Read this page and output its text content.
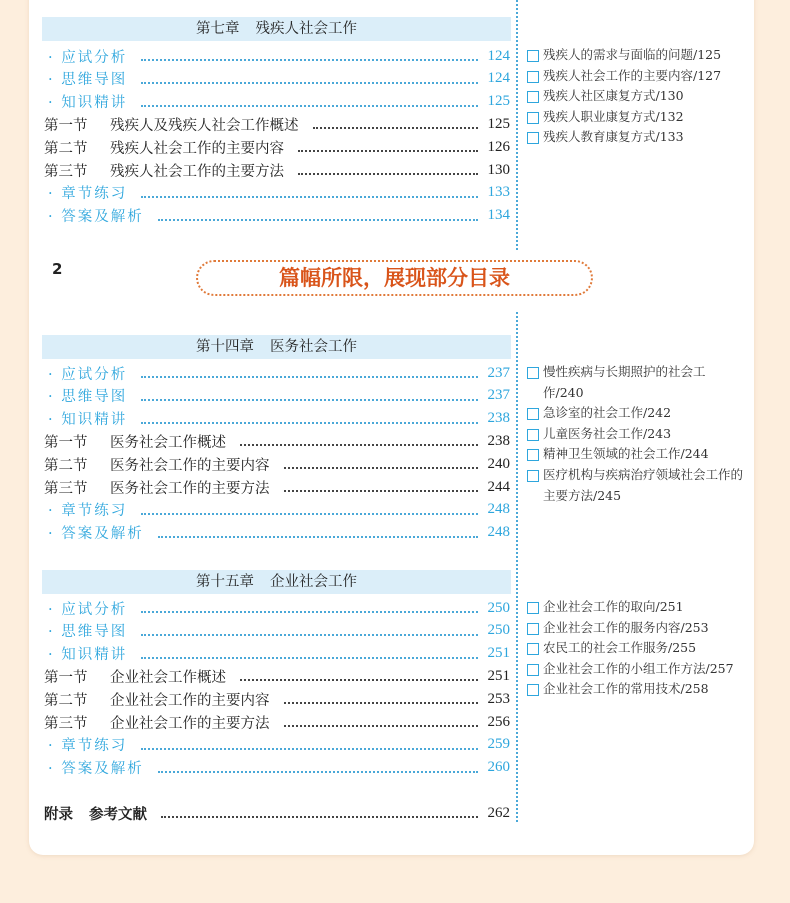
2	篇幅所限，展现部分目录
第七章 残疾人社会工作
· 应试分析	124
· 思维导图	124
· 知识精讲	125
第一节	残疾人及残疾人社会工作概述	125
第二节	残疾人社会工作的主要内容	126
第三节	残疾人社会工作的主要方法	130
· 章节练习	133
· 答案及解析	134
残疾人的需求与面临的问题/125
残疾人社会工作的主要内容/127
残疾人社区康复方式/130
残疾人职业康复方式/132
残疾人教育康复方式/133
第十四章 医务社会工作
· 应试分析	237
· 思维导图	237
· 知识精讲	238
第一节	医务社会工作概述	238
第二节	医务社会工作的主要内容	240
第三节	医务社会工作的主要方法	244
· 章节练习	248
· 答案及解析	248
慢性疾病与长期照护的社会工作/240
急诊室的社会工作/242
儿童医务社会工作/243
精神卫生领域的社会工作/244
医疗机构与疾病治疗领域社会工作的主要方法/245
第十五章 企业社会工作
· 应试分析	250
· 思维导图	250
· 知识精讲	251
第一节	企业社会工作概述	251
第二节	企业社会工作的主要内容	253
第三节	企业社会工作的主要方法	256
· 章节练习	259
· 答案及解析	260
企业社会工作的取向/251
企业社会工作的服务内容/253
农民工的社会工作服务/255
企业社会工作的小组工作方法/257
企业社会工作的常用技术/258
附录 参考文献	262
